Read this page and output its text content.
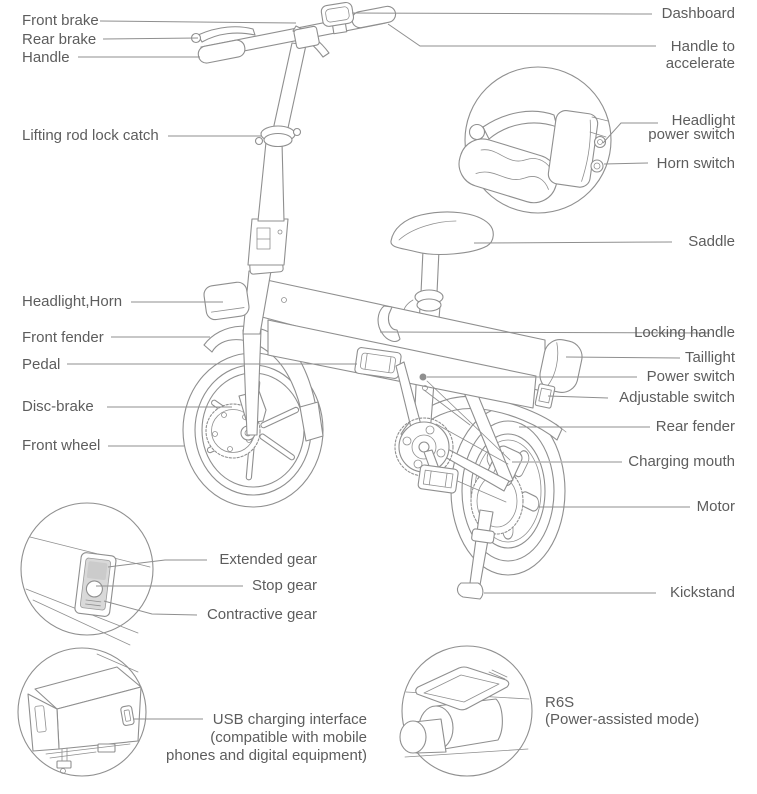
Front brake
Rear brake
Handle
Lifting rod lock catch
Headlight,Horn
Front fender
Pedal
Disc-brake
Front wheel
Dashboard
Handle to
accelerate
Headlight
power switch
Horn switch
Saddle
Locking handle
Taillight
Power switch
Adjustable switch
Rear fender
Charging mouth
Motor
Kickstand
Extended gear
Stop gear
Contractive gear
USB charging interface
(compatible with mobile
phones and digital equipment)
R6S
(Power-assisted mode)
